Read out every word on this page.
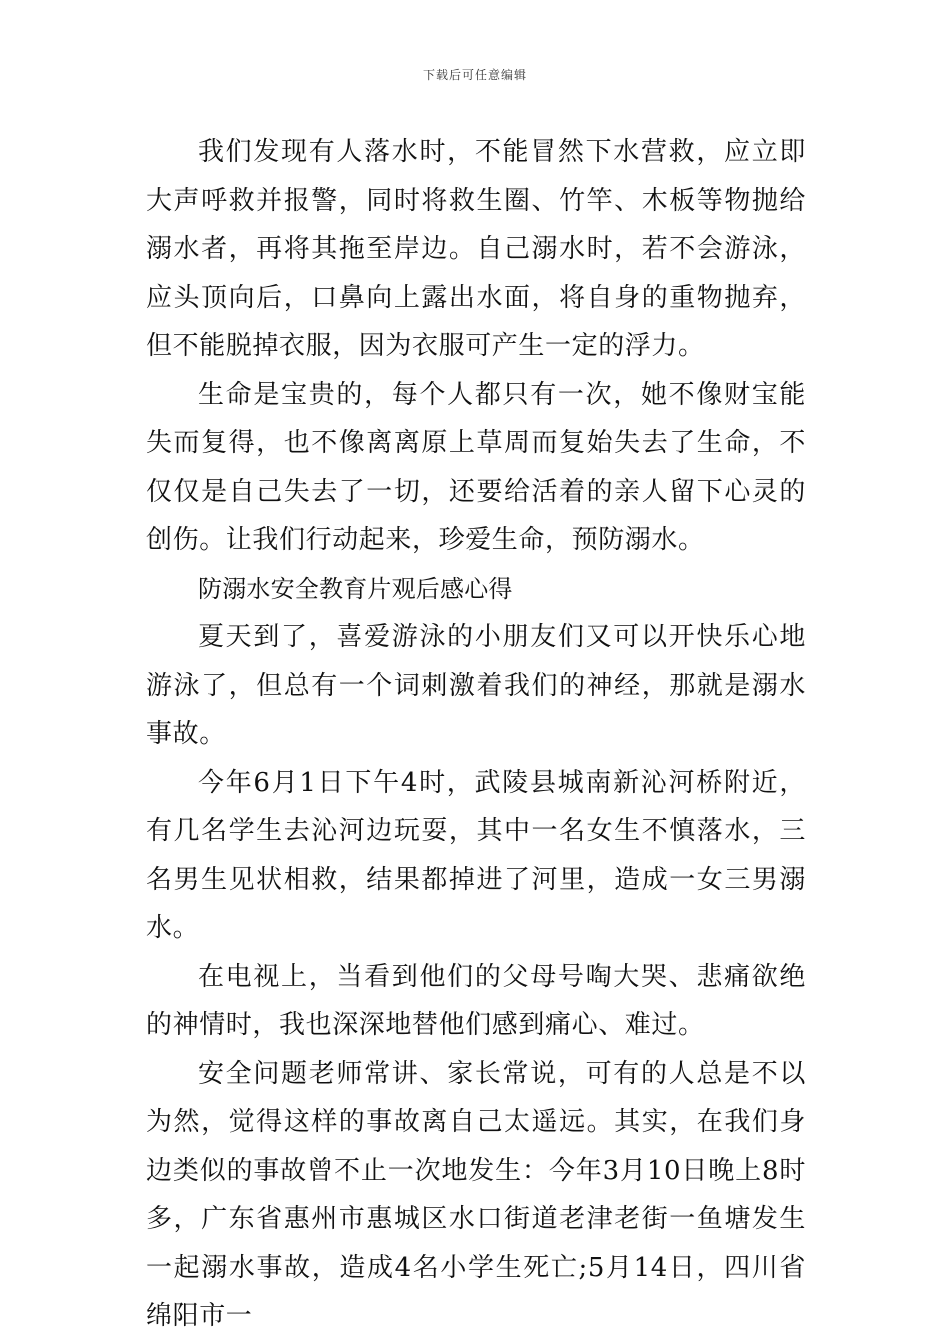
下载后可任意编辑

我们发现有人落水时，不能冒然下水营救，应立即大声呼救并报警，同时将救生圈、竹竿、木板等物抛给溺水者，再将其拖至岸边。自己溺水时，若不会游泳，应头顶向后，口鼻向上露出水面，将自身的重物抛弃，但不能脱掉衣服，因为衣服可产生一定的浮力。

生命是宝贵的，每个人都只有一次，她不像财宝能失而复得，也不像离离原上草周而复始失去了生命，不仅仅是自己失去了一切，还要给活着的亲人留下心灵的创伤。让我们行动起来，珍爱生命，预防溺水。

防溺水安全教育片观后感心得

夏天到了，喜爱游泳的小朋友们又可以开快乐心地游泳了，但总有一个词刺激着我们的神经，那就是溺水事故。

今年6月1日下午4时，武陵县城南新沁河桥附近，有几名学生去沁河边玩耍，其中一名女生不慎落水，三名男生见状相救，结果都掉进了河里，造成一女三男溺水。

在电视上，当看到他们的父母号啕大哭、悲痛欲绝的神情时，我也深深地替他们感到痛心、难过。

安全问题老师常讲、家长常说，可有的人总是不以为然，觉得这样的事故离自己太遥远。其实，在我们身边类似的事故曾不止一次地发生：今年3月10日晚上8时多，广东省惠州市惠城区水口街道老津老街一鱼塘发生一起溺水事故，造成4名小学生死亡;5月14日，四川省绵阳市一
